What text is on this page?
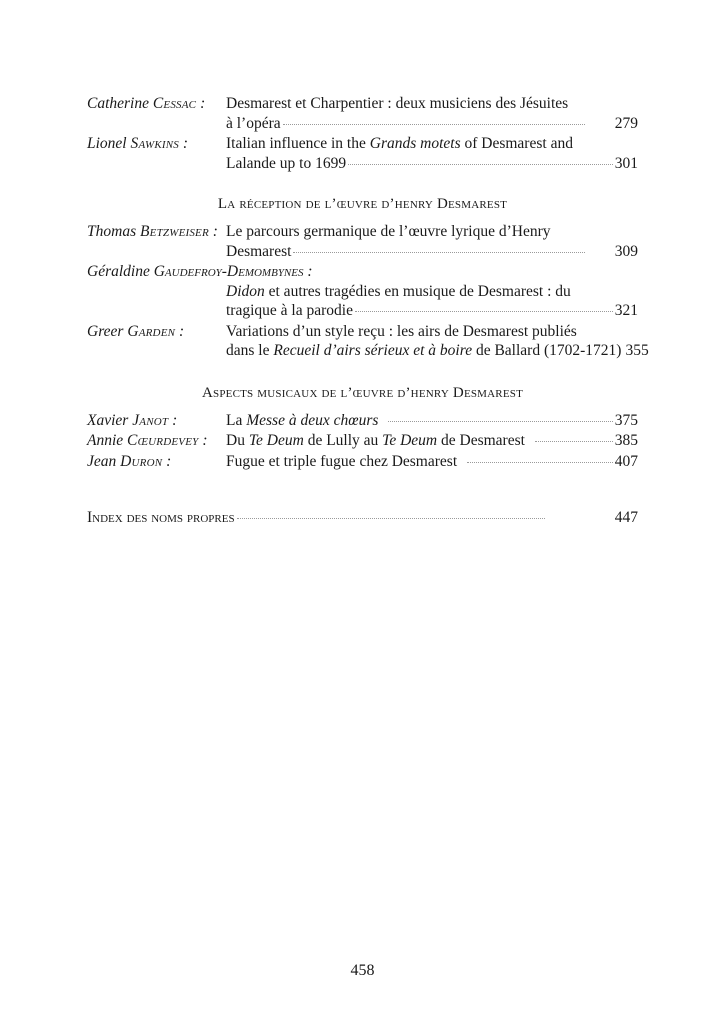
Catherine Cessac :	Desmarest et Charpentier : deux musiciens des Jésuites
à l’opéra	279
Lionel Sawkins :	Italian influence in the Grands motets of Desmarest and
Lalande up to 1699	301
La réception de l’œuvre d’henry Desmarest
Thomas Betzweiser : Le parcours germanique de l’œuvre lyrique d’Henry
Desmarest	309
Géraldine Gaudefroy-Demombynes :
Didon et autres tragédies en musique de Desmarest : du
tragique à la parodie	321
Greer Garden :	Variations d’un style reçu : les airs de Desmarest publiés
dans le Recueil d’airs sérieux et à boire de Ballard (1702-1721) 355
Aspects musicaux de l’œuvre d’henry Desmarest
Xavier Janot :	La Messe à deux chœurs	375
Annie Cœurdevey :	Du Te Deum de Lully au Te Deum de Desmarest	385
Jean Duron :	Fugue et triple fugue chez Desmarest	407
Index des noms propres	447
458
